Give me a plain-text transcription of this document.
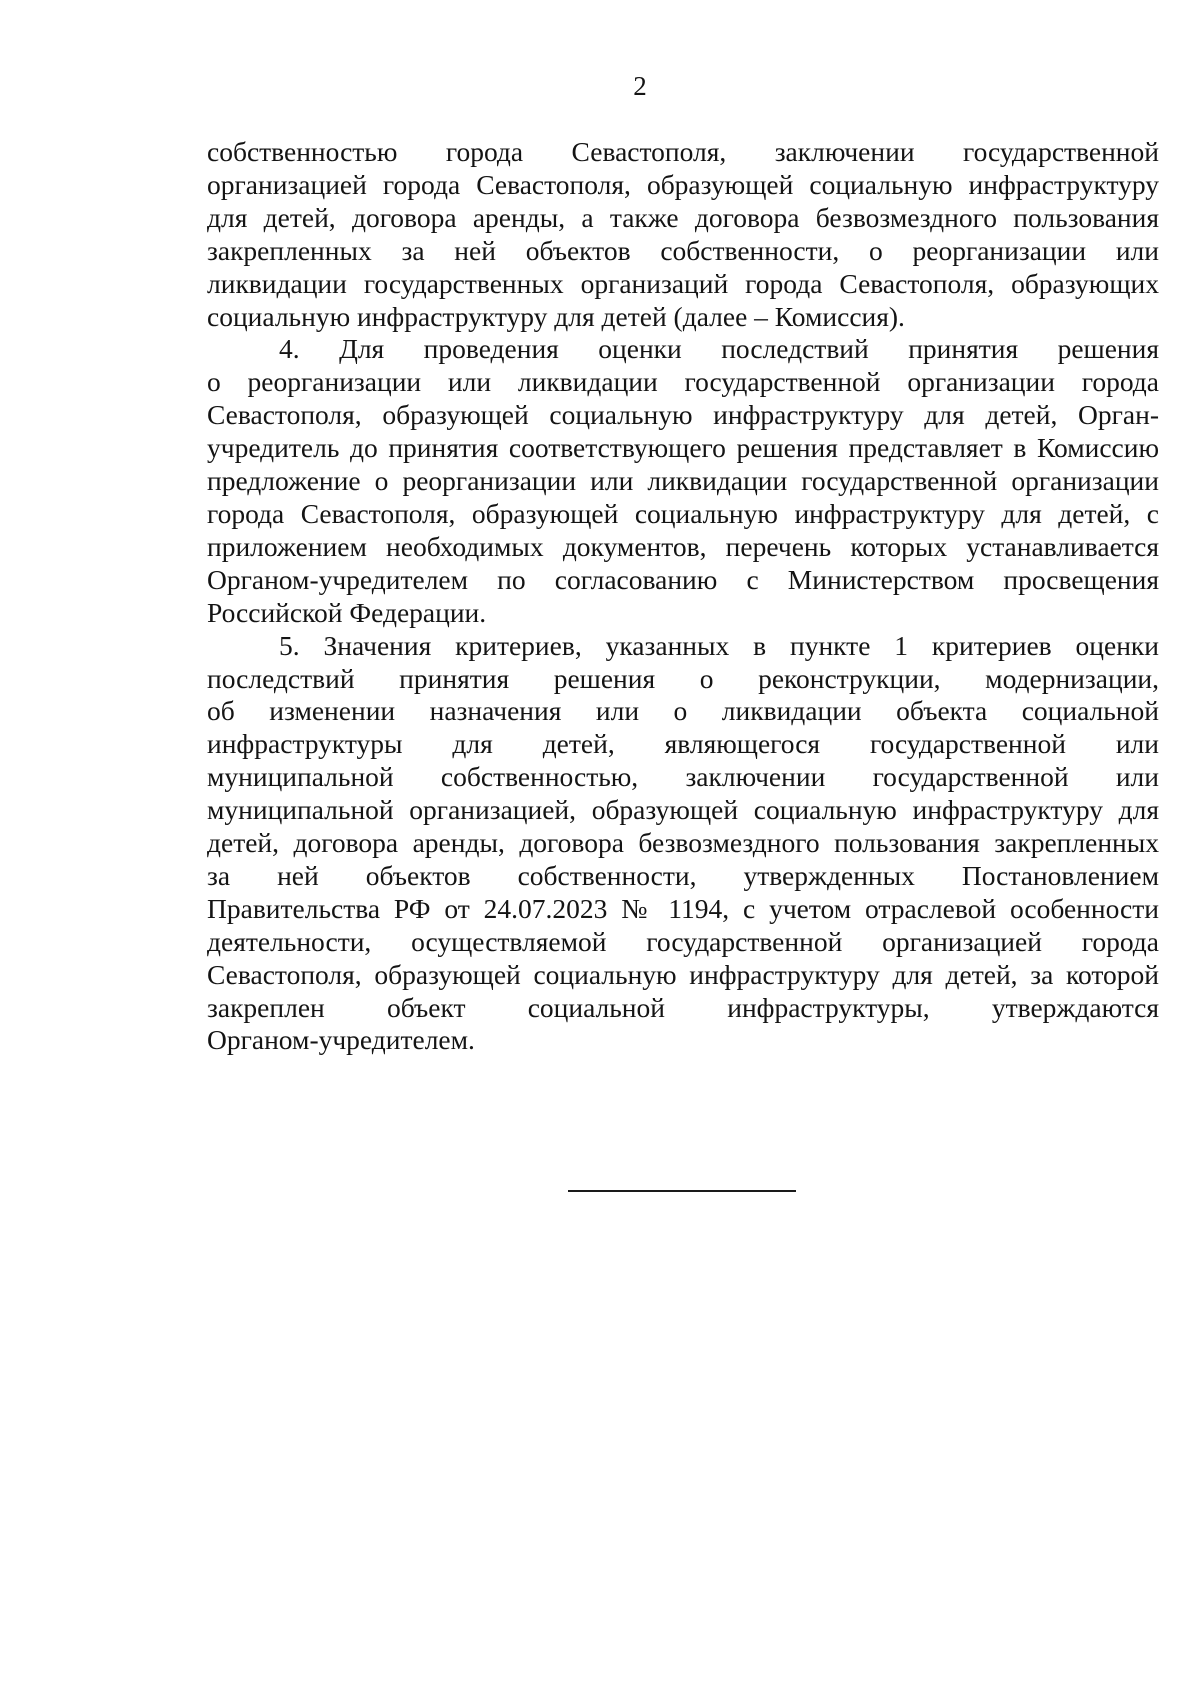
2

собственностью города Севастополя, заключении государственной
организацией города Севастополя, образующей социальную инфраструктуру
для детей, договора аренды, а также договора безвозмездного пользования
закрепленных за ней объектов собственности, о реорганизации или
ликвидации государственных организаций города Севастополя, образующих
социальную инфраструктуру для детей (далее – Комиссия).

4. Для проведения оценки последствий принятия решения
о реорганизации или ликвидации государственной организации города
Севастополя, образующей социальную инфраструктуру для детей, Орган-
учредитель до принятия соответствующего решения представляет в Комиссию
предложение о реорганизации или ликвидации государственной организации
города Севастополя, образующей социальную инфраструктуру для детей, с
приложением необходимых документов, перечень которых устанавливается
Органом-учредителем по согласованию с Министерством просвещения
Российской Федерации.

5. Значения критериев, указанных в пункте 1 критериев оценки
последствий принятия решения о реконструкции, модернизации,
об изменении назначения или о ликвидации объекта социальной
инфраструктуры для детей, являющегося государственной или
муниципальной собственностью, заключении государственной или
муниципальной организацией, образующей социальную инфраструктуру для
детей, договора аренды, договора безвозмездного пользования закрепленных
за ней объектов собственности, утвержденных Постановлением
Правительства РФ от 24.07.2023 № 1194, с учетом отраслевой особенности
деятельности, осуществляемой государственной организацией города
Севастополя, образующей социальную инфраструктуру для детей, за которой
закреплен объект социальной инфраструктуры, утверждаются
Органом-учредителем.
